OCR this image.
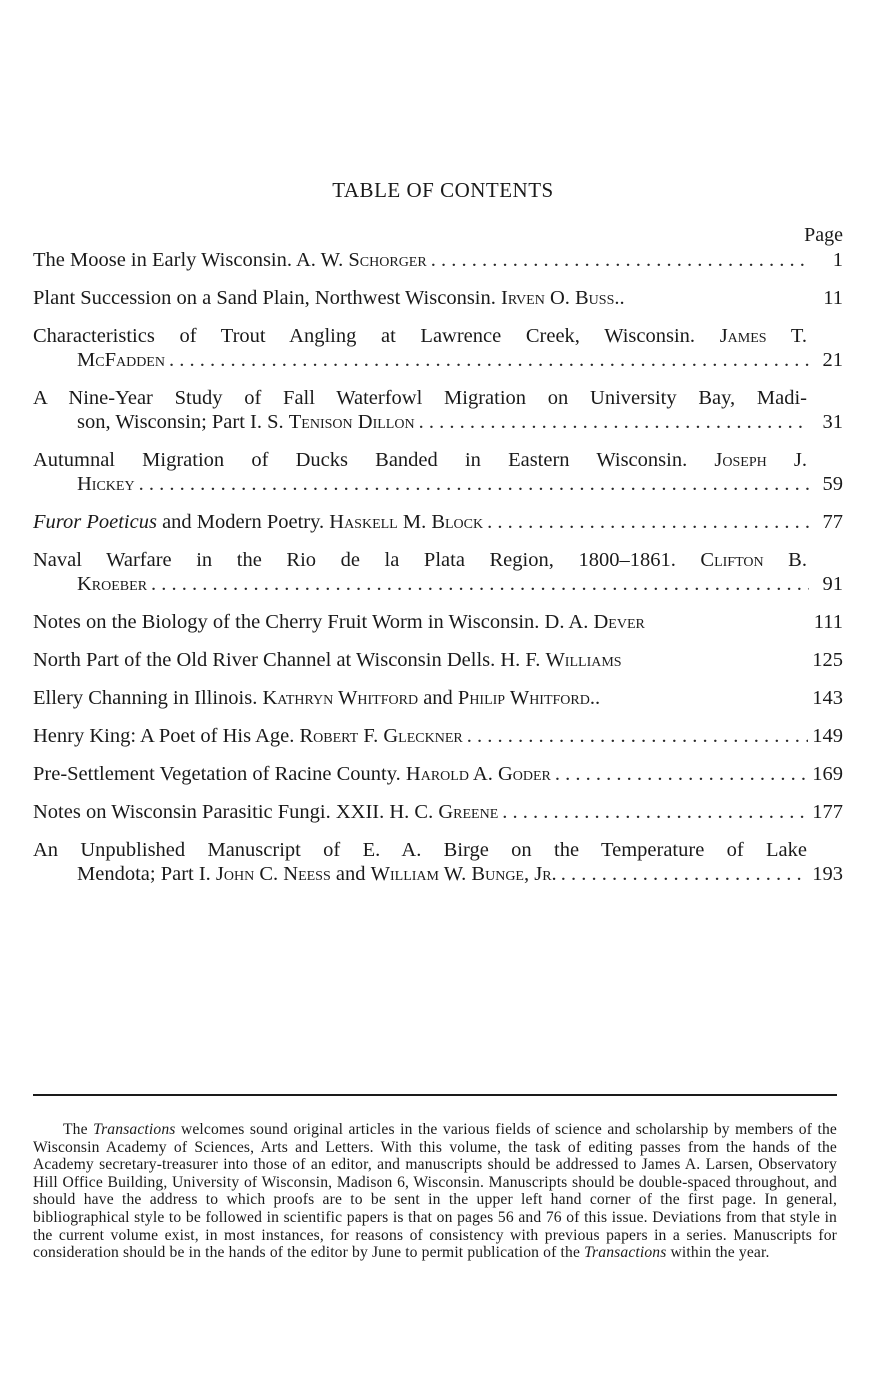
TABLE OF CONTENTS
Page
The Moose in Early Wisconsin. A. W. Schorger . . .	1
Plant Succession on a Sand Plain, Northwest Wisconsin. Irven O. Buss..	11
Characteristics of Trout Angling at Lawrence Creek, Wisconsin. James T.
McFadden . . .	21
A Nine-Year Study of Fall Waterfowl Migration on University Bay, Madi-
son, Wisconsin; Part I. S. Tenison Dillon . . .	31
Autumnal Migration of Ducks Banded in Eastern Wisconsin. Joseph J.
Hickey . . .	59
Furor Poeticus and Modern Poetry. Haskell M. Block . . .	77
Naval Warfare in the Rio de la Plata Region, 1800–1861. Clifton B.
Kroeber . . .	91
Notes on the Biology of the Cherry Fruit Worm in Wisconsin. D. A. Dever	111
North Part of the Old River Channel at Wisconsin Dells. H. F. Williams	125
Ellery Channing in Illinois. Kathryn Whitford and Philip Whitford..	143
Henry King: A Poet of His Age. Robert F. Gleckner . . .	149
Pre-Settlement Vegetation of Racine County. Harold A. Goder . . .	169
Notes on Wisconsin Parasitic Fungi. XXII. H. C. Greene . . .	177
An Unpublished Manuscript of E. A. Birge on the Temperature of Lake
Mendota; Part I. John C. Neess and William W. Bunge, Jr. . . .	193
The Transactions welcomes sound original articles in the various fields of science and scholarship by members of the Wisconsin Academy of Sciences, Arts and Letters. With this volume, the task of editing passes from the hands of the Academy secretary-treasurer into those of an editor, and manuscripts should be addressed to James A. Larsen, Observatory Hill Office Building, University of Wisconsin, Madison 6, Wisconsin. Manuscripts should be double-spaced throughout, and should have the address to which proofs are to be sent in the upper left hand corner of the first page. In general, bibliographical style to be followed in scientific papers is that on pages 56 and 76 of this issue. Deviations from that style in the current volume exist, in most instances, for reasons of consistency with previous papers in a series. Manuscripts for consideration should be in the hands of the editor by June to permit publication of the Transactions within the year.
